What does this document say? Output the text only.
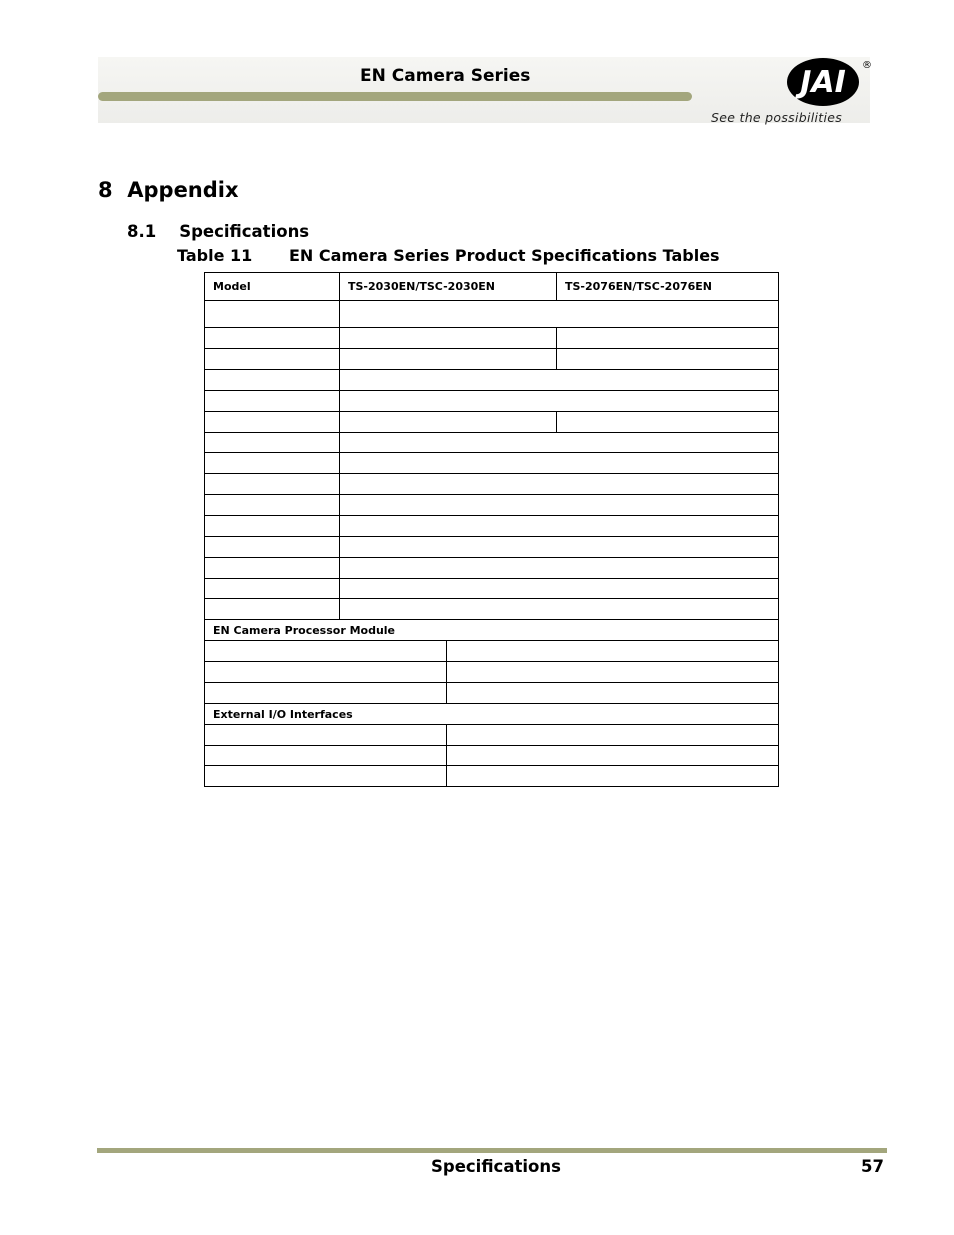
EN Camera Series	JAI ®
See the possibilities
8 Appendix
8.1 Specifications
Table 11 EN Camera Series Product Specifications Tables
Model	TS-2030EN/TSC-2030EN		TS-2076EN/TSC-2076EN

EN Camera Processor Module			

External I/O Interfaces			

Specifications	57
